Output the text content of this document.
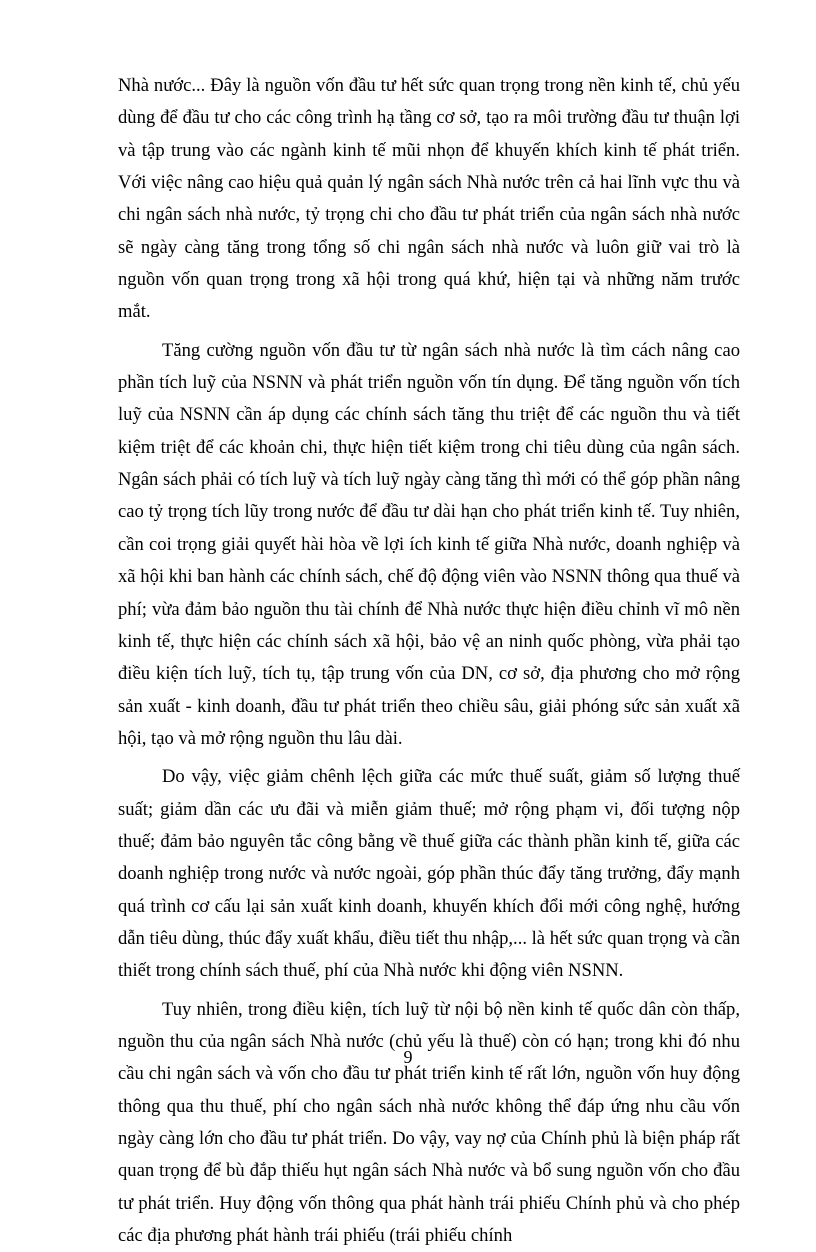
Nhà nước... Đây là nguồn vốn đầu tư hết sức quan trọng trong nền kinh tế, chủ yếu dùng để đầu tư cho các công trình hạ tầng cơ sở, tạo ra môi trường đầu tư thuận lợi và tập trung vào các ngành kinh tế mũi nhọn để khuyến khích kinh tế phát triển. Với việc nâng cao hiệu quả quản lý ngân sách Nhà nước trên cả hai lĩnh vực thu và chi ngân sách nhà nước, tỷ trọng chi cho đầu tư phát triển của ngân sách nhà nước sẽ ngày càng tăng trong tổng số chi ngân sách nhà nước và luôn giữ vai trò là nguồn vốn quan trọng trong xã hội trong quá khứ, hiện tại và những năm trước mắt.

Tăng cường nguồn vốn đầu tư từ ngân sách nhà nước là tìm cách nâng cao phần tích luỹ của NSNN và phát triển nguồn vốn tín dụng. Để tăng nguồn vốn tích luỹ của NSNN cần áp dụng các chính sách tăng thu triệt để các nguồn thu và tiết kiệm triệt để các khoản chi, thực hiện tiết kiệm trong chi tiêu dùng của ngân sách. Ngân sách phải có tích luỹ và tích luỹ ngày càng tăng thì mới có thể góp phần nâng cao tỷ trọng tích lũy trong nước để đầu tư dài hạn cho phát triển kinh tế. Tuy nhiên, cần coi trọng giải quyết hài hòa về lợi ích kinh tế giữa Nhà nước, doanh nghiệp và xã hội khi ban hành các chính sách, chế độ động viên vào NSNN thông qua thuế và phí; vừa đảm bảo nguồn thu tài chính để Nhà nước thực hiện điều chỉnh vĩ mô nền kinh tế, thực hiện các chính sách xã hội, bảo vệ an ninh quốc phòng, vừa phải tạo điều kiện tích luỹ, tích tụ, tập trung vốn của DN, cơ sở, địa phương cho mở rộng sản xuất - kinh doanh, đầu tư phát triển theo chiều sâu, giải phóng sức sản xuất xã hội, tạo và mở rộng nguồn thu lâu dài.

Do vậy, việc giảm chênh lệch giữa các mức thuế suất, giảm số lượng thuế suất; giảm dần các ưu đãi và miễn giảm thuế; mở rộng phạm vi, đối tượng nộp thuế; đảm bảo nguyên tắc công bằng về thuế giữa các thành phần kinh tế, giữa các doanh nghiệp trong nước và nước ngoài, góp phần thúc đẩy tăng trưởng, đẩy mạnh quá trình cơ cấu lại sản xuất kinh doanh, khuyến khích đổi mới công nghệ, hướng dẫn tiêu dùng, thúc đẩy xuất khẩu, điều tiết thu nhập,... là hết sức quan trọng và cần thiết trong chính sách thuế, phí của Nhà nước khi động viên NSNN.

Tuy nhiên, trong điều kiện, tích luỹ từ nội bộ nền kinh tế quốc dân còn thấp, nguồn thu của ngân sách Nhà nước (chủ yếu là thuế) còn có hạn; trong khi đó nhu cầu chi ngân sách và vốn cho đầu tư phát triển kinh tế rất lớn, nguồn vốn huy động thông qua thu thuế, phí cho ngân sách nhà nước không thể đáp ứng nhu cầu vốn ngày càng lớn cho đầu tư phát triển. Do vậy, vay nợ của Chính phủ là biện pháp rất quan trọng để bù đắp thiếu hụt ngân sách Nhà nước và bổ sung nguồn vốn cho đầu tư phát triển. Huy động vốn thông qua phát hành trái phiếu Chính phủ và cho phép các địa phương phát hành trái phiếu (trái phiếu chính

9
